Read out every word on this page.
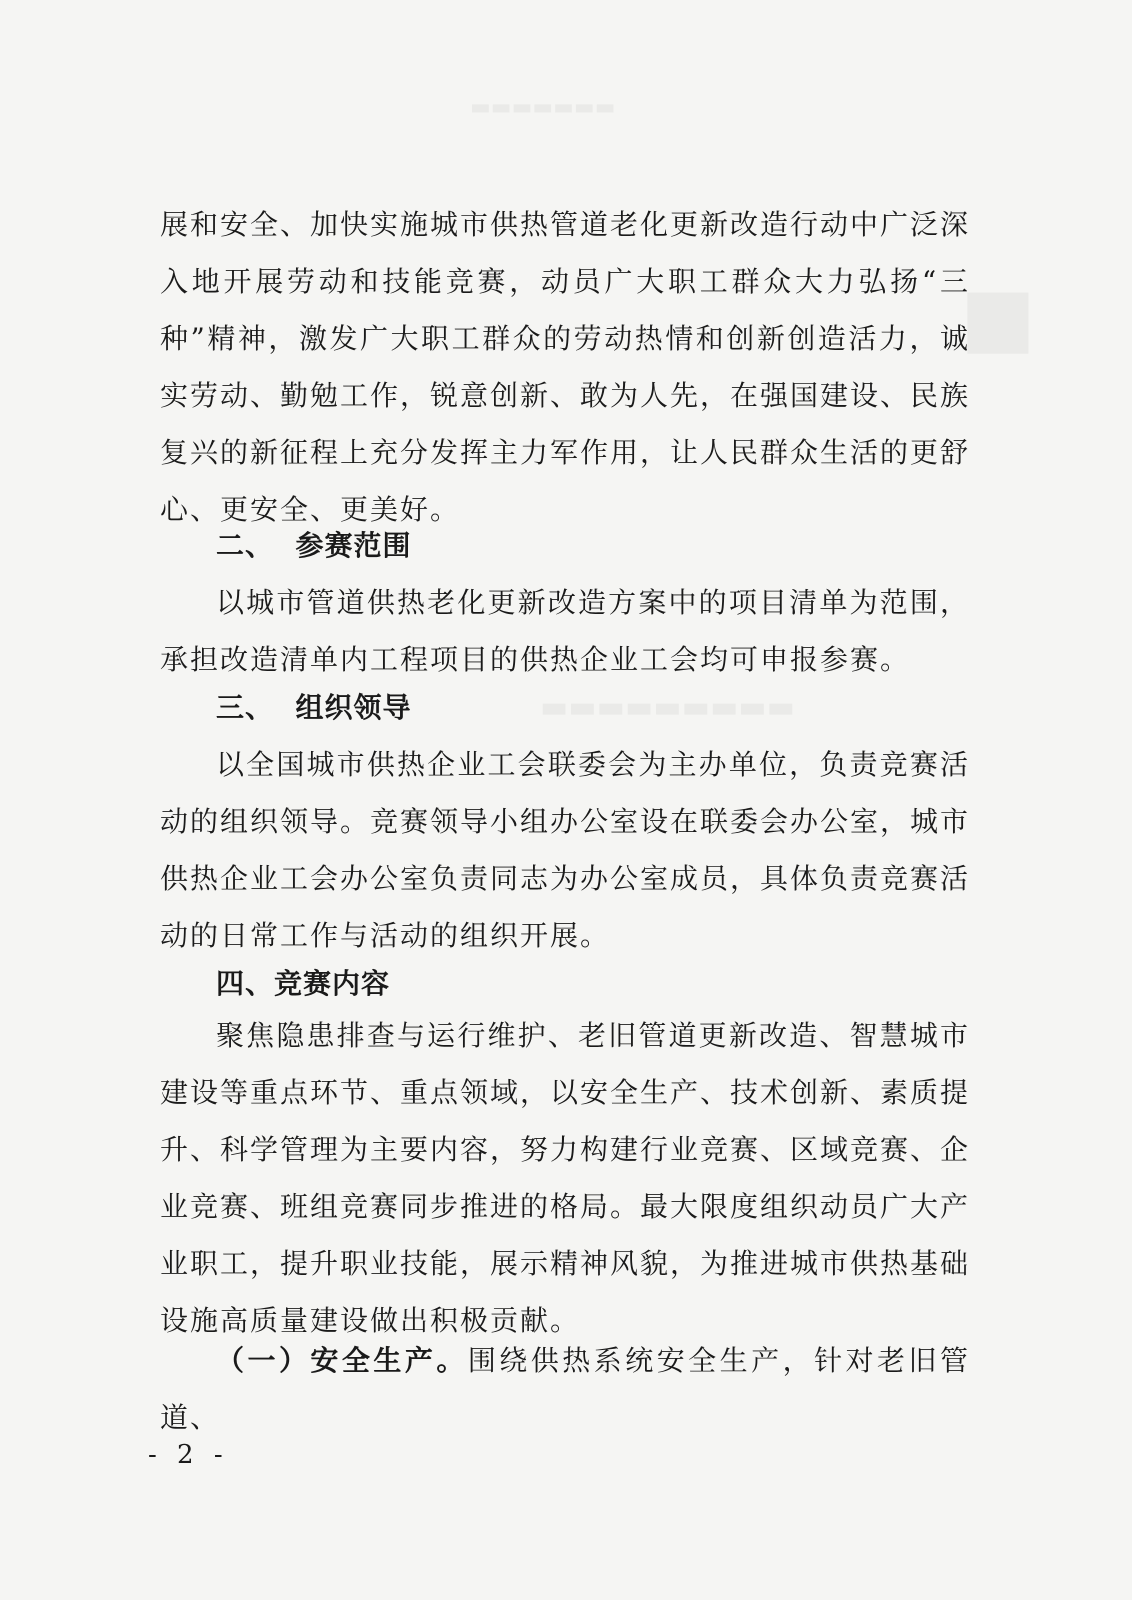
展和安全、加快实施城市供热管道老化更新改造行动中广泛深入地开展劳动和技能竞赛，动员广大职工群众大力弘扬“三种”精神，激发广大职工群众的劳动热情和创新创造活力，诚实劳动、勤勉工作，锐意创新、敢为人先，在强国建设、民族复兴的新征程上充分发挥主力军作用，让人民群众生活的更舒心、更安全、更美好。

二、  参赛范围

以城市管道供热老化更新改造方案中的项目清单为范围，承担改造清单内工程项目的供热企业工会均可申报参赛。

三、  组织领导

以全国城市供热企业工会联委会为主办单位，负责竞赛活动的组织领导。竞赛领导小组办公室设在联委会办公室，城市供热企业工会办公室负责同志为办公室成员，具体负责竞赛活动的日常工作与活动的组织开展。

四、竞赛内容

聚焦隐患排查与运行维护、老旧管道更新改造、智慧城市建设等重点环节、重点领域，以安全生产、技术创新、素质提升、科学管理为主要内容，努力构建行业竞赛、区域竞赛、企业竞赛、班组竞赛同步推进的格局。最大限度组织动员广大产业职工，提升职业技能，展示精神风貌，为推进城市供热基础设施高质量建设做出积极贡献。

（一）安全生产。围绕供热系统安全生产，针对老旧管道、

- 2 -
